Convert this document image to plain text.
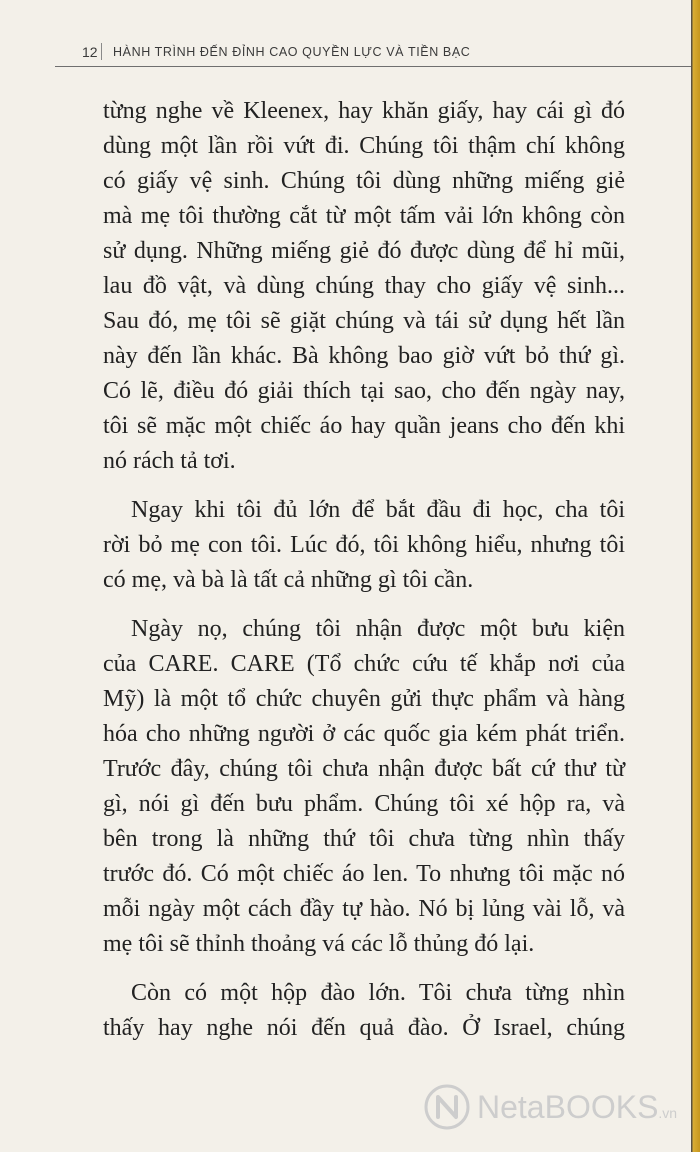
12 HÀNH TRÌNH ĐẾN ĐỈNH CAO QUYỀN LỰC VÀ TIỀN BẠC
từng nghe về Kleenex, hay khăn giấy, hay cái gì đó
dùng một lần rồi vứt đi. Chúng tôi thậm chí không
có giấy vệ sinh. Chúng tôi dùng những miếng giẻ
mà mẹ tôi thường cắt từ một tấm vải lớn không còn
sử dụng. Những miếng giẻ đó được dùng để hỉ mũi,
lau đồ vật, và dùng chúng thay cho giấy vệ sinh...
Sau đó, mẹ tôi sẽ giặt chúng và tái sử dụng hết lần
này đến lần khác. Bà không bao giờ vứt bỏ thứ gì.
Có lẽ, điều đó giải thích tại sao, cho đến ngày nay,
tôi sẽ mặc một chiếc áo hay quần jeans cho đến khi
nó rách tả tơi.
Ngay khi tôi đủ lớn để bắt đầu đi học, cha tôi
rời bỏ mẹ con tôi. Lúc đó, tôi không hiểu, nhưng tôi
có mẹ, và bà là tất cả những gì tôi cần.
Ngày nọ, chúng tôi nhận được một bưu kiện
của CARE. CARE (Tổ chức cứu tế khắp nơi của
Mỹ) là một tổ chức chuyên gửi thực phẩm và hàng
hóa cho những người ở các quốc gia kém phát triển.
Trước đây, chúng tôi chưa nhận được bất cứ thư từ
gì, nói gì đến bưu phẩm. Chúng tôi xé hộp ra, và
bên trong là những thứ tôi chưa từng nhìn thấy
trước đó. Có một chiếc áo len. To nhưng tôi mặc nó
mỗi ngày một cách đầy tự hào. Nó bị lủng vài lỗ, và
mẹ tôi sẽ thỉnh thoảng vá các lỗ thủng đó lại.
Còn có một hộp đào lớn. Tôi chưa từng nhìn
thấy hay nghe nói đến quả đào. Ở Israel, chúng
NetaBOOKS.vn
